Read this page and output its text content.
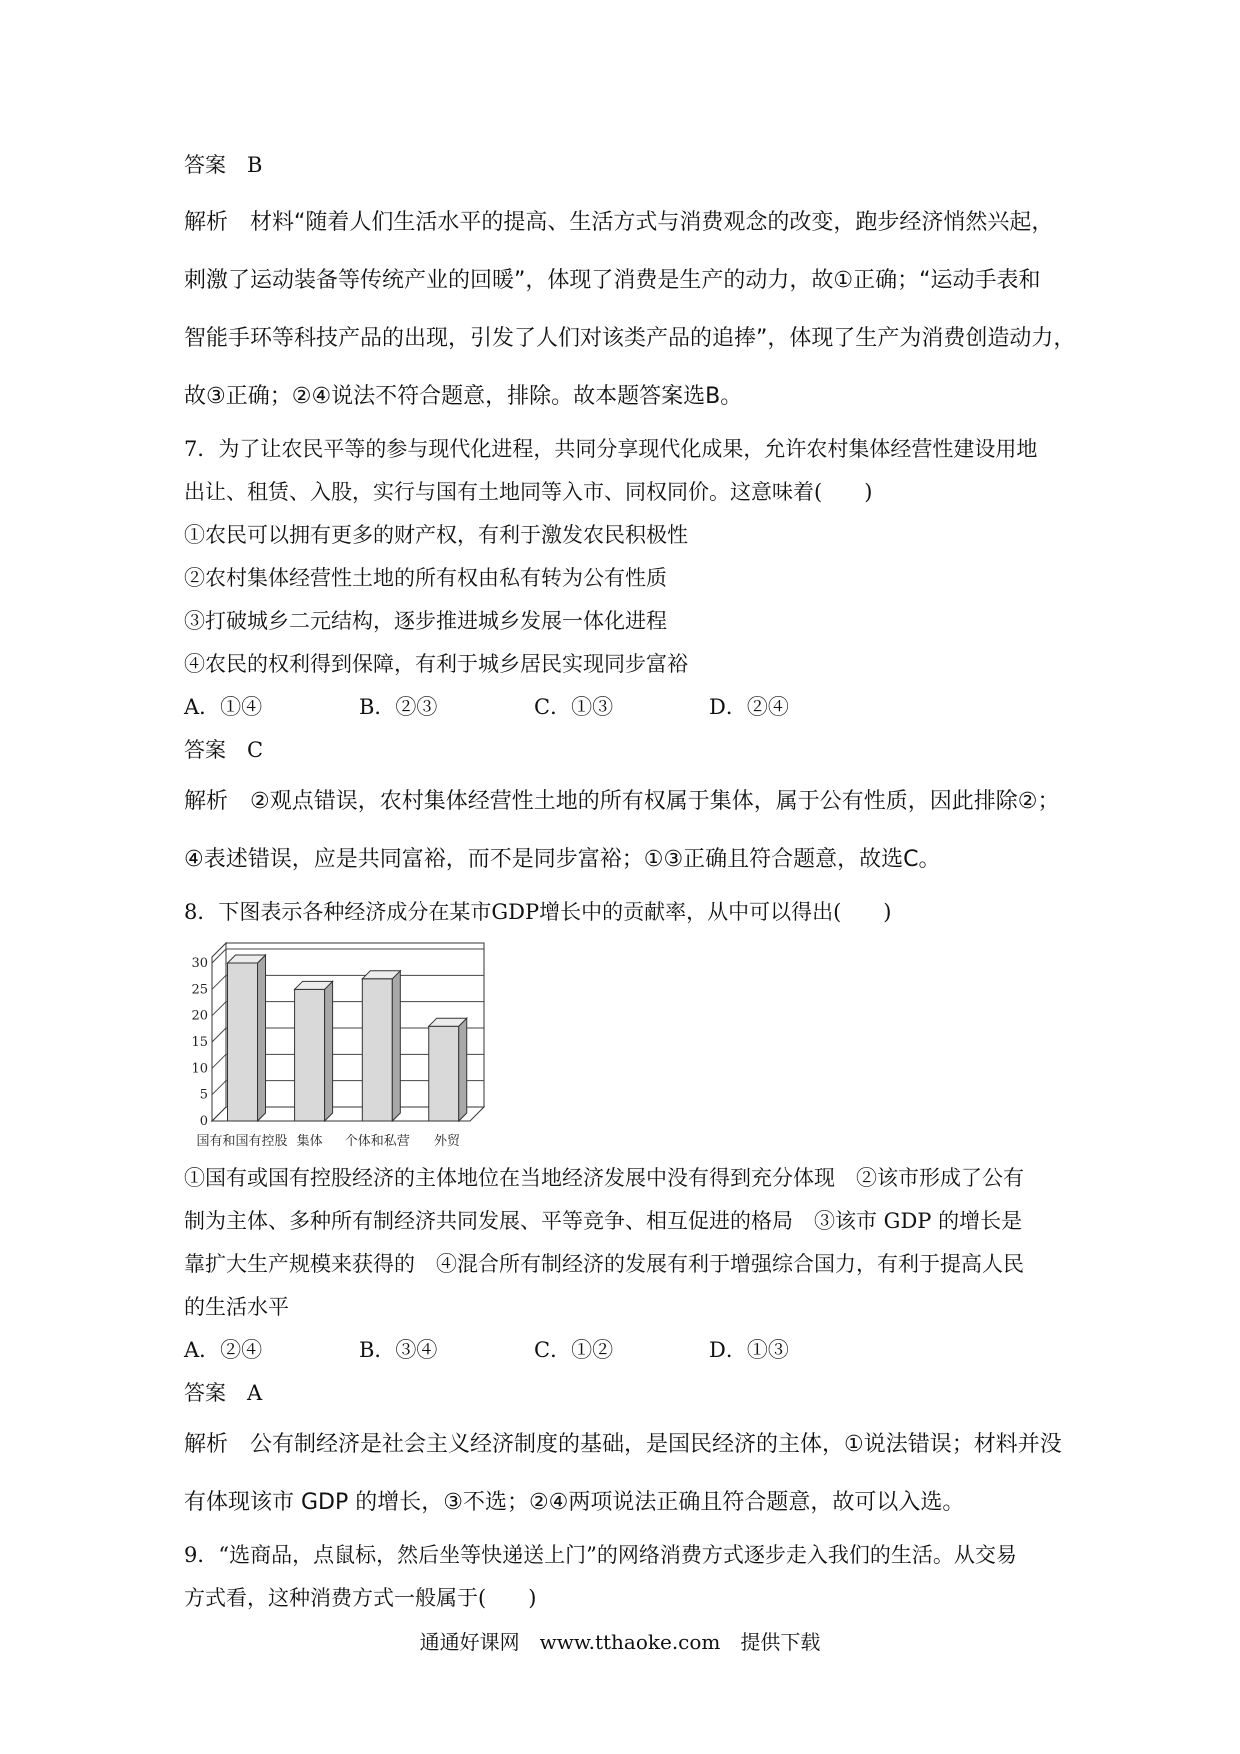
答案　B
解析　材料“随着人们生活水平的提高、生活方式与消费观念的改变，跑步经济悄然兴起，
刺激了运动装备等传统产业的回暖”，体现了消费是生产的动力，故①正确；“运动手表和
智能手环等科技产品的出现，引发了人们对该类产品的追捧”，体现了生产为消费创造动力，
故③正确；②④说法不符合题意，排除。故本题答案选B。
7．为了让农民平等的参与现代化进程，共同分享现代化成果，允许农村集体经营性建设用地
出让、租赁、入股，实行与国有土地同等入市、同权同价。这意味着(　　)
①农民可以拥有更多的财产权，有利于激发农民积极性
②农村集体经营性土地的所有权由私有转为公有性质
③打破城乡二元结构，逐步推进城乡发展一体化进程
④农民的权利得到保障，有利于城乡居民实现同步富裕
A．①④	B．②③	C．①③	D．②④
答案　C
解析　②观点错误，农村集体经营性土地的所有权属于集体，属于公有性质，因此排除②；
④表述错误，应是共同富裕，而不是同步富裕；①③正确且符合题意，故选C。
8．下图表示各种经济成分在某市GDP增长中的贡献率，从中可以得出(　　)
0
5
10
15
20
25
30
国有和国有控股 集体 个体和私营 外贸
①国有或国有控股经济的主体地位在当地经济发展中没有得到充分体现　②该市形成了公有
制为主体、多种所有制经济共同发展、平等竞争、相互促进的格局　③该市 GDP 的增长是
靠扩大生产规模来获得的　④混合所有制经济的发展有利于增强综合国力，有利于提高人民
的生活水平
A．②④	B．③④	C．①②	D．①③
答案　A
解析　公有制经济是社会主义经济制度的基础，是国民经济的主体，①说法错误；材料并没
有体现该市 GDP 的增长，③不选；②④两项说法正确且符合题意，故可以入选。
9．“选商品，点鼠标，然后坐等快递送上门”的网络消费方式逐步走入我们的生活。从交易
方式看，这种消费方式一般属于(　　)
通通好课网　www.tthaoke.com　提供下载
